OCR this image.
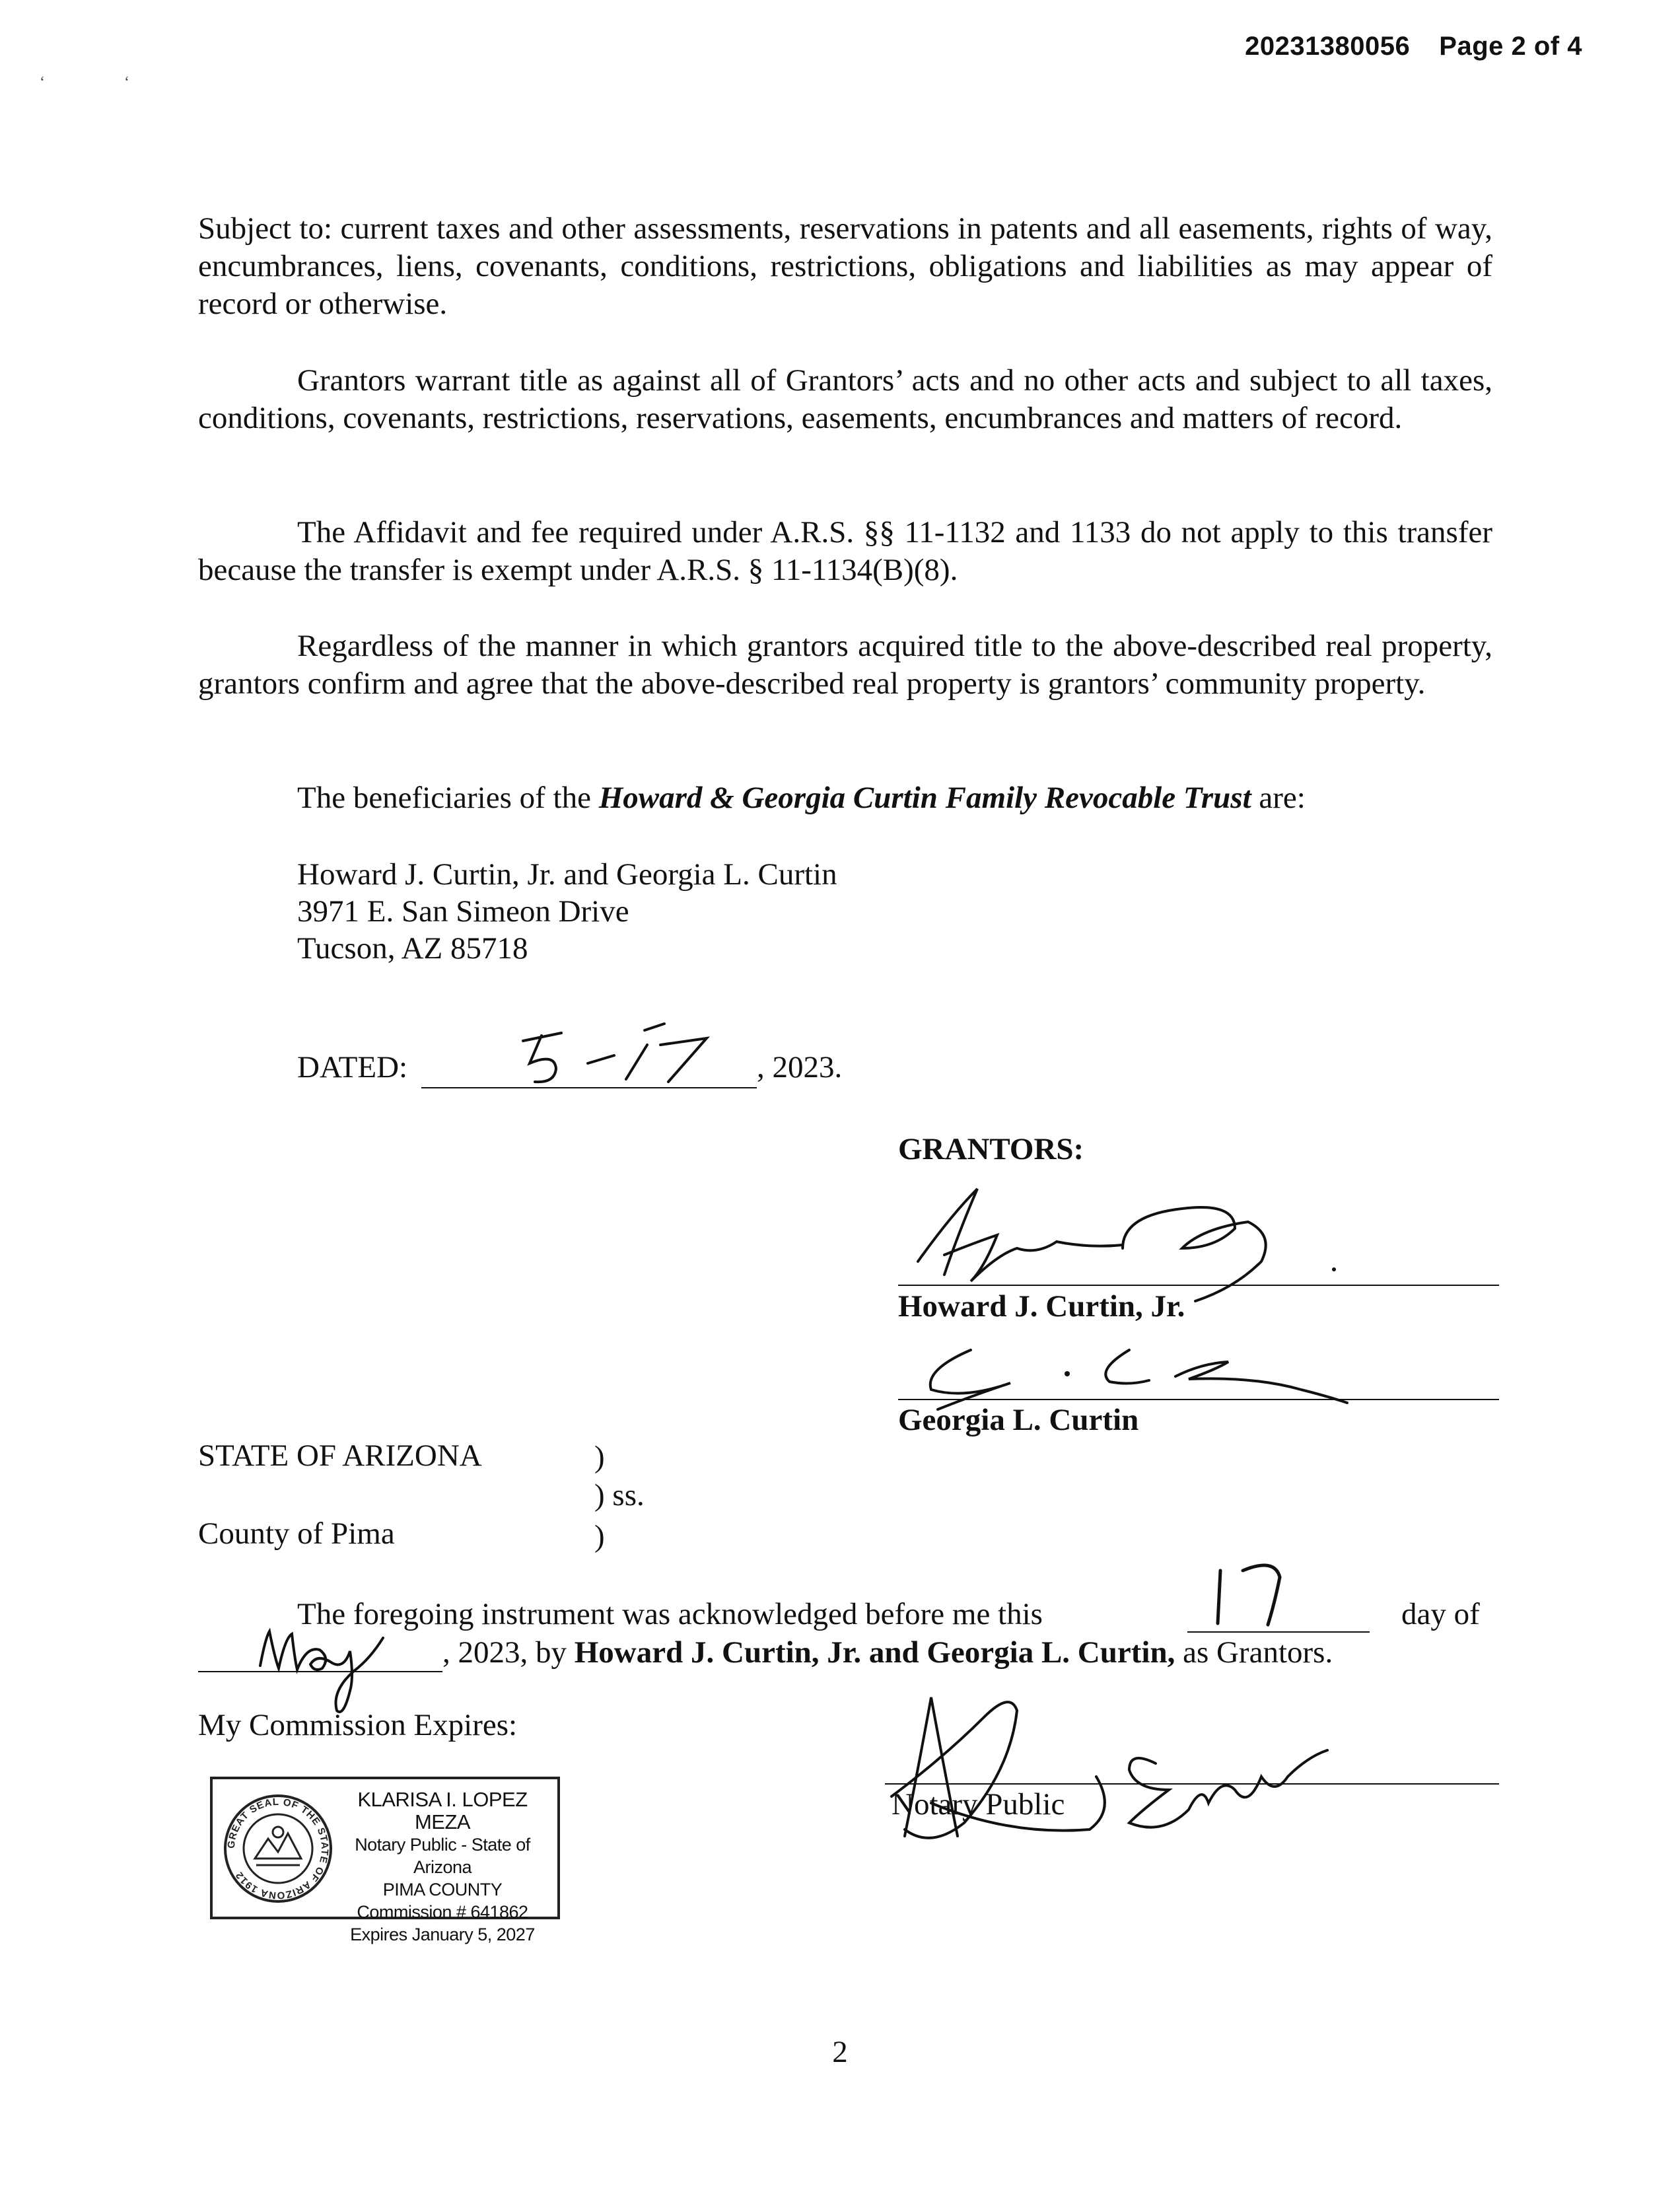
20231380056 Page 2 of 4
‘	‘

Subject to: current taxes and other assessments, reservations in patents and all easements, rights of way, encumbrances, liens, covenants, conditions, restrictions, obligations and liabilities as may appear of record or otherwise.

Grantors warrant title as against all of Grantors’ acts and no other acts and subject to all taxes, conditions, covenants, restrictions, reservations, easements, encumbrances and matters of record.

The Affidavit and fee required under A.R.S. §§ 11-1132 and 1133 do not apply to this transfer because the transfer is exempt under A.R.S. § 11-1134(B)(8).

Regardless of the manner in which grantors acquired title to the above-described real property, grantors confirm and agree that the above-described real property is grantors’ community property.

The beneficiaries of the Howard & Georgia Curtin Family Revocable Trust are:
Howard J. Curtin, Jr. and Georgia L. Curtin
3971 E. San Simeon Drive
Tucson, AZ 85718
DATED:	, 2023.
GRANTORS:
Howard J. Curtin, Jr.
Georgia L. Curtin
STATE OF ARIZONA	)
) ss.
County of Pima	)
The foregoing instrument was acknowledged before me this	day of
, 2023, by Howard J. Curtin, Jr. and Georgia L. Curtin, as Grantors.
My Commission Expires:
Notary Public
GREAT SEAL OF THE STATE OF ARIZONA 1912
KLARISA I. LOPEZ MEZA
Notary Public - State of Arizona
PIMA COUNTY
Commission # 641862
Expires January 5, 2027
2
